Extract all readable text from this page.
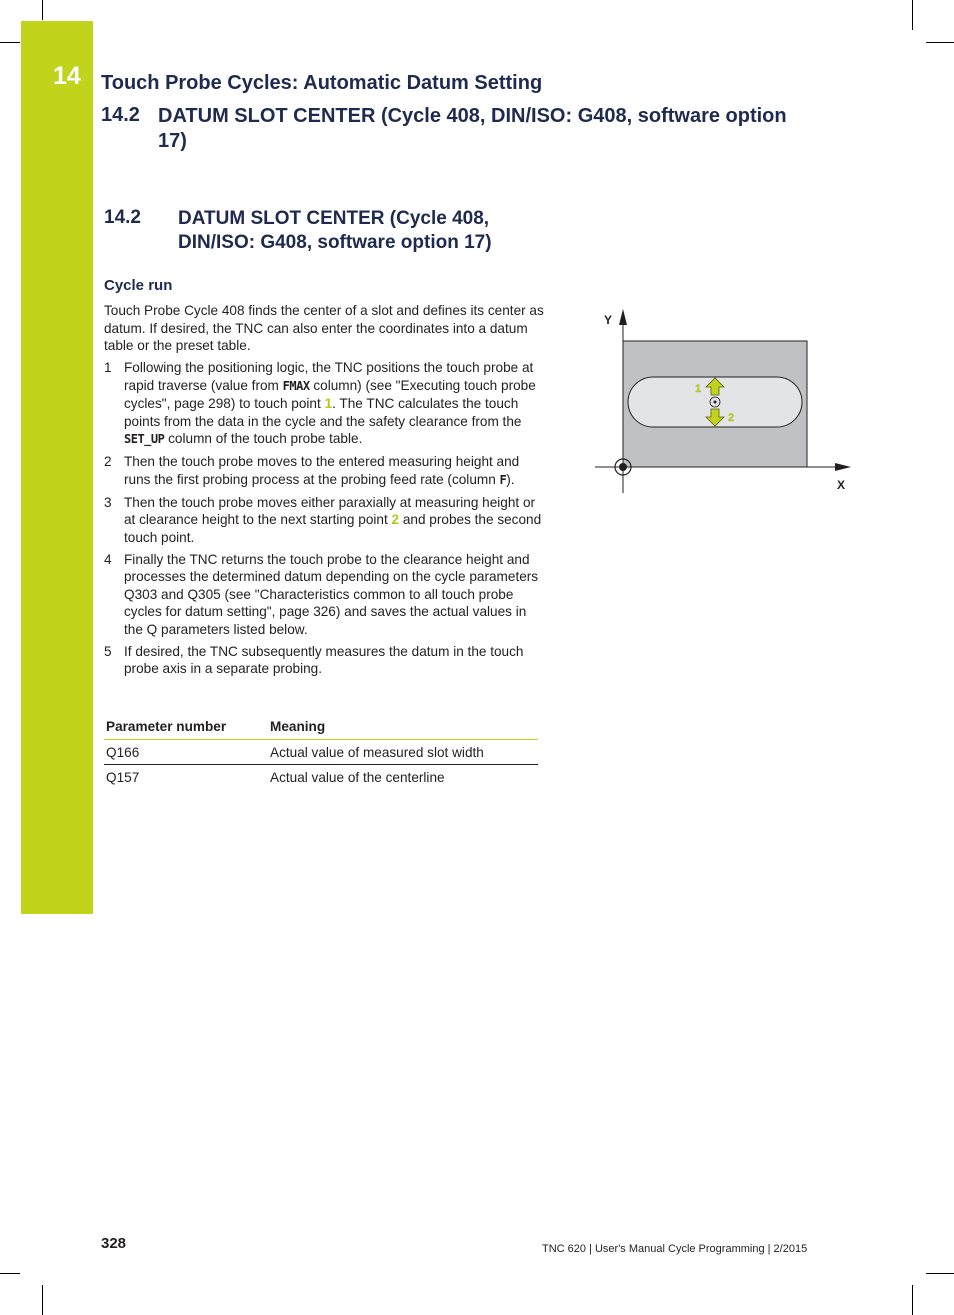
14 Touch Probe Cycles: Automatic Datum Setting
14.2 DATUM SLOT CENTER (Cycle 408, DIN/ISO: G408, software option 17)
14.2 DATUM SLOT CENTER (Cycle 408, DIN/ISO: G408, software option 17)
Cycle run
Touch Probe Cycle 408 finds the center of a slot and defines its center as datum. If desired, the TNC can also enter the coordinates into a datum table or the preset table.
1 Following the positioning logic, the TNC positions the touch probe at rapid traverse (value from FMAX column) (see "Executing touch probe cycles", page 298) to touch point 1. The TNC calculates the touch points from the data in the cycle and the safety clearance from the SET_UP column of the touch probe table.
2 Then the touch probe moves to the entered measuring height and runs the first probing process at the probing feed rate (column F).
3 Then the touch probe moves either paraxially at measuring height or at clearance height to the next starting point 2 and probes the second touch point.
4 Finally the TNC returns the touch probe to the clearance height and processes the determined datum depending on the cycle parameters Q303 and Q305 (see "Characteristics common to all touch probe cycles for datum setting", page 326) and saves the actual values in the Q parameters listed below.
5 If desired, the TNC subsequently measures the datum in the touch probe axis in a separate probing.
Parameter number	Meaning
Q166	Actual value of measured slot width
Q157	Actual value of the centerline
Y
X
1
2
328	TNC 620 | User's Manual Cycle Programming | 2/2015
